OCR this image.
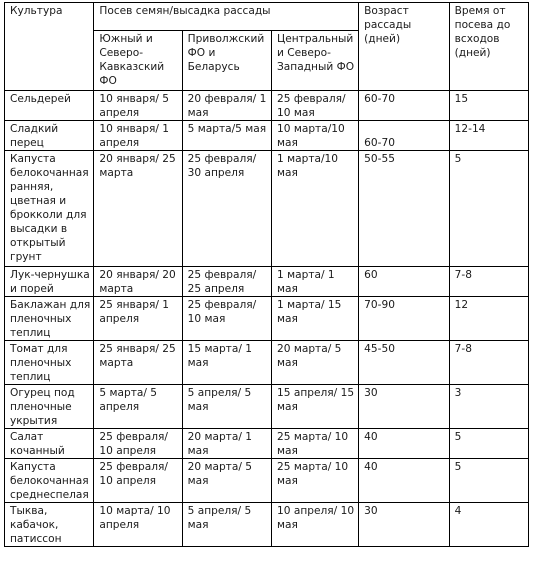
Культура	Посев семян/высадка рассады			Возраст рассады (дней)	Время от посева до всходов (дней)
	Южный и Северо-Кавказский ФО	Приволжский ФО и Беларусь	Центральный и Северо-Западный ФО		
Сельдерей	10 января/ 5 апреля	20 февраля/ 1 мая	25 февраля/ 10 мая	60-70	15
Сладкий перец	10 января/ 1 апреля	5 марта/5 мая	10 марта/10 мая	60-70	12-14
Капуста белокочанная ранняя, цветная и брокколи для высадки в открытый грунт	20 января/ 25 марта	25 февраля/ 30 апреля	1 марта/10 мая	50-55	5
Лук-чернушка и порей	20 января/ 20 марта	25 февраля/ 25 апреля	1 марта/ 1 мая	60	7-8
Баклажан для пленочных теплиц	25 января/ 1 апреля	25 февраля/ 10 мая	1 марта/ 15 мая	70-90	12
Томат для пленочных теплиц	25 января/ 25 марта	15 марта/ 1 мая	20 марта/ 5 мая	45-50	7-8
Огурец под пленочные укрытия	5 марта/ 5 апреля	5 апреля/ 5 мая	15 апреля/ 15 мая	30	3
Салат кочанный	25 февраля/ 10 апреля	20 марта/ 1 мая	25 марта/ 10 мая	40	5
Капуста белокочанная среднеспелая	25 февраля/ 10 апреля	20 марта/ 5 мая	25 марта/ 10 мая	40	5
Тыква, кабачок, патиссон	10 марта/ 10 апреля	5 апреля/ 5 мая	10 апреля/ 10 мая	30	4
